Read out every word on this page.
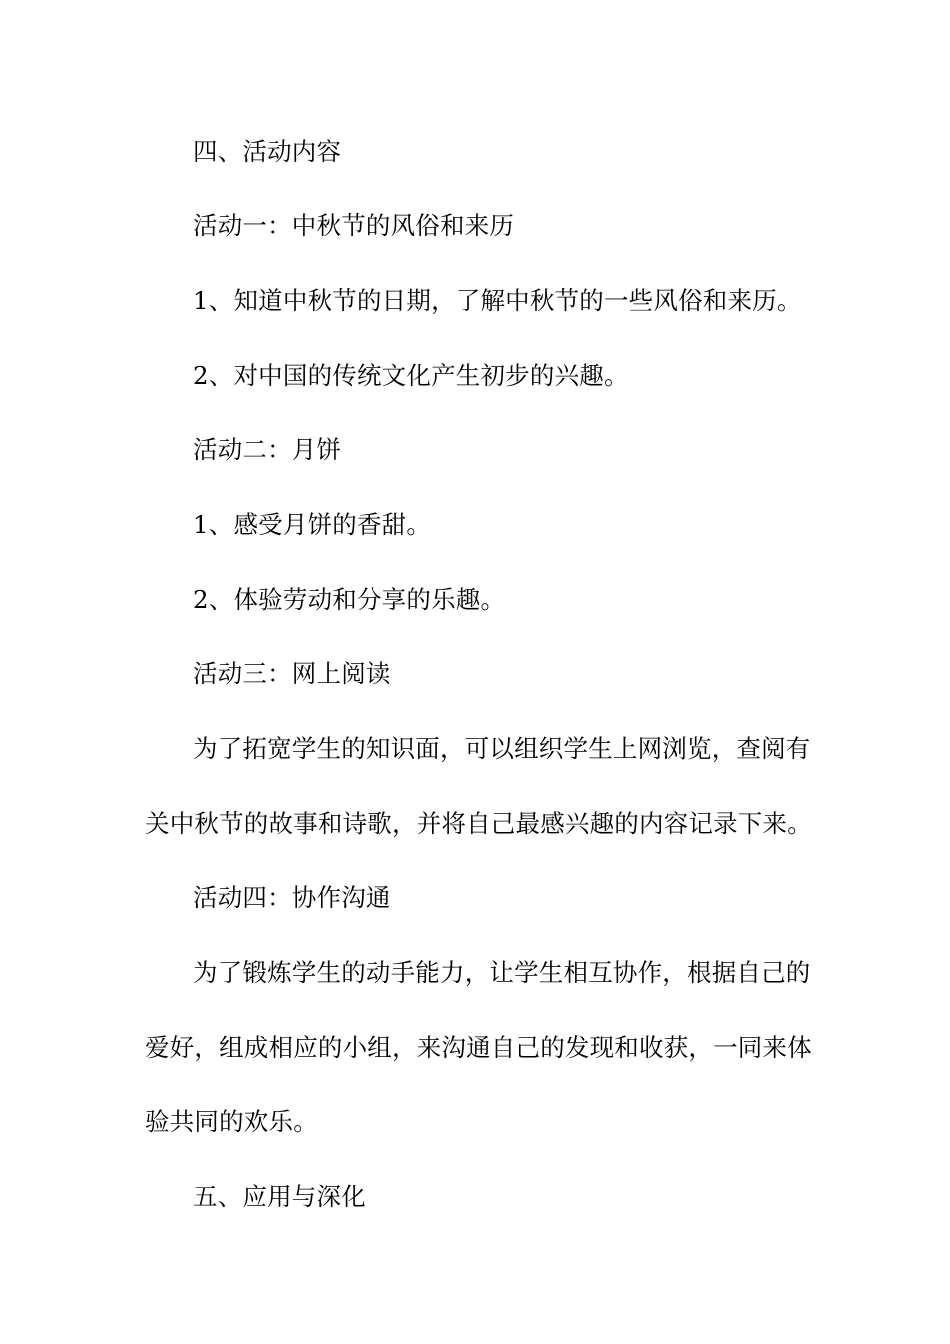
四、活动内容
活动一：中秋节的风俗和来历
1、知道中秋节的日期，了解中秋节的一些风俗和来历。
2、对中国的传统文化产生初步的兴趣。
活动二：月饼
1、感受月饼的香甜。
2、体验劳动和分享的乐趣。
活动三：网上阅读
为了拓宽学生的知识面，可以组织学生上网浏览，查阅有
关中秋节的故事和诗歌，并将自己最感兴趣的内容记录下来。
活动四：协作沟通
为了锻炼学生的动手能力，让学生相互协作，根据自己的
爱好，组成相应的小组，来沟通自己的发现和收获，一同来体
验共同的欢乐。
五、应用与深化
